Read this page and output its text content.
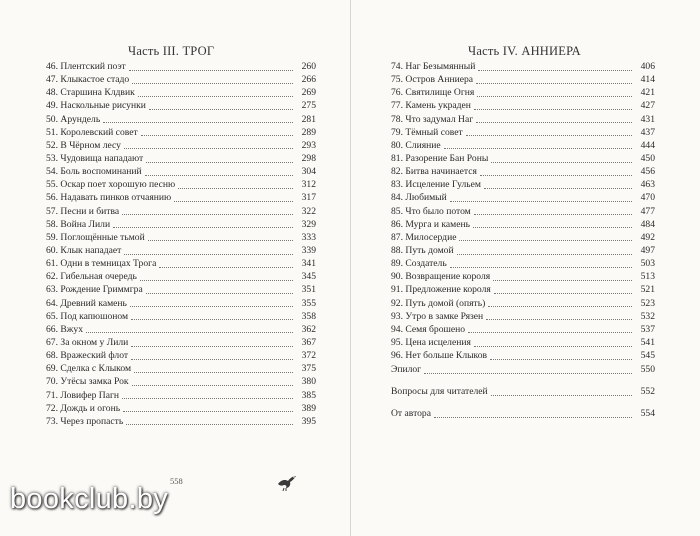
Часть III. ТРОГ
46. Плентский поэт	260
47. Клыкастое стадо	266
48. Старшина Клдвик	269
49. Наскольные рисунки	275
50. Арундель	281
51. Королевский совет	289
52. В Чёрном лесу	293
53. Чудовища нападают	298
54. Боль воспоминаний	304
55. Оскар поет хорошую песню	312
56. Надавать пинков отчаянию	317
57. Песни и битва	322
58. Война Лили	329
59. Поглощённые тьмой	333
60. Клык нападает	339
61. Одни в темницах Трога	341
62. Гибельная очередь	345
63. Рождение Гриммгра	351
64. Древний камень	355
65. Под капюшоном	358
66. Вжух	362
67. За окном у Лили	367
68. Вражеский флот	372
69. Сделка с Клыком	375
70. Утёсы замка Рок	380
71. Ловифер Пагн	385
72. Дождь и огонь	389
73. Через пропасть	395
Часть IV. АННИЕРА
74. Наг Безымянный	406
75. Остров Анниера	414
76. Святилище Огня	421
77. Камень украден	427
78. Что задумал Наг	431
79. Тёмный совет	437
80. Слияние	444
81. Разорение Бан Роны	450
82. Битва начинается	456
83. Исцеление Гульем	463
84. Любимый	470
85. Что было потом	477
86. Мурга и камень	484
87. Милосердие	492
88. Путь домой	497
89. Создатель	503
90. Возвращение короля	513
91. Предложение короля	521
92. Путь домой (опять)	523
93. Утро в замке Рязен	532
94. Семя брошено	537
95. Цена исцеления	541
96. Нет больше Клыков	545
Эпилог	550
Вопросы для читателей	552
От автора	554
558
bookclub.by
